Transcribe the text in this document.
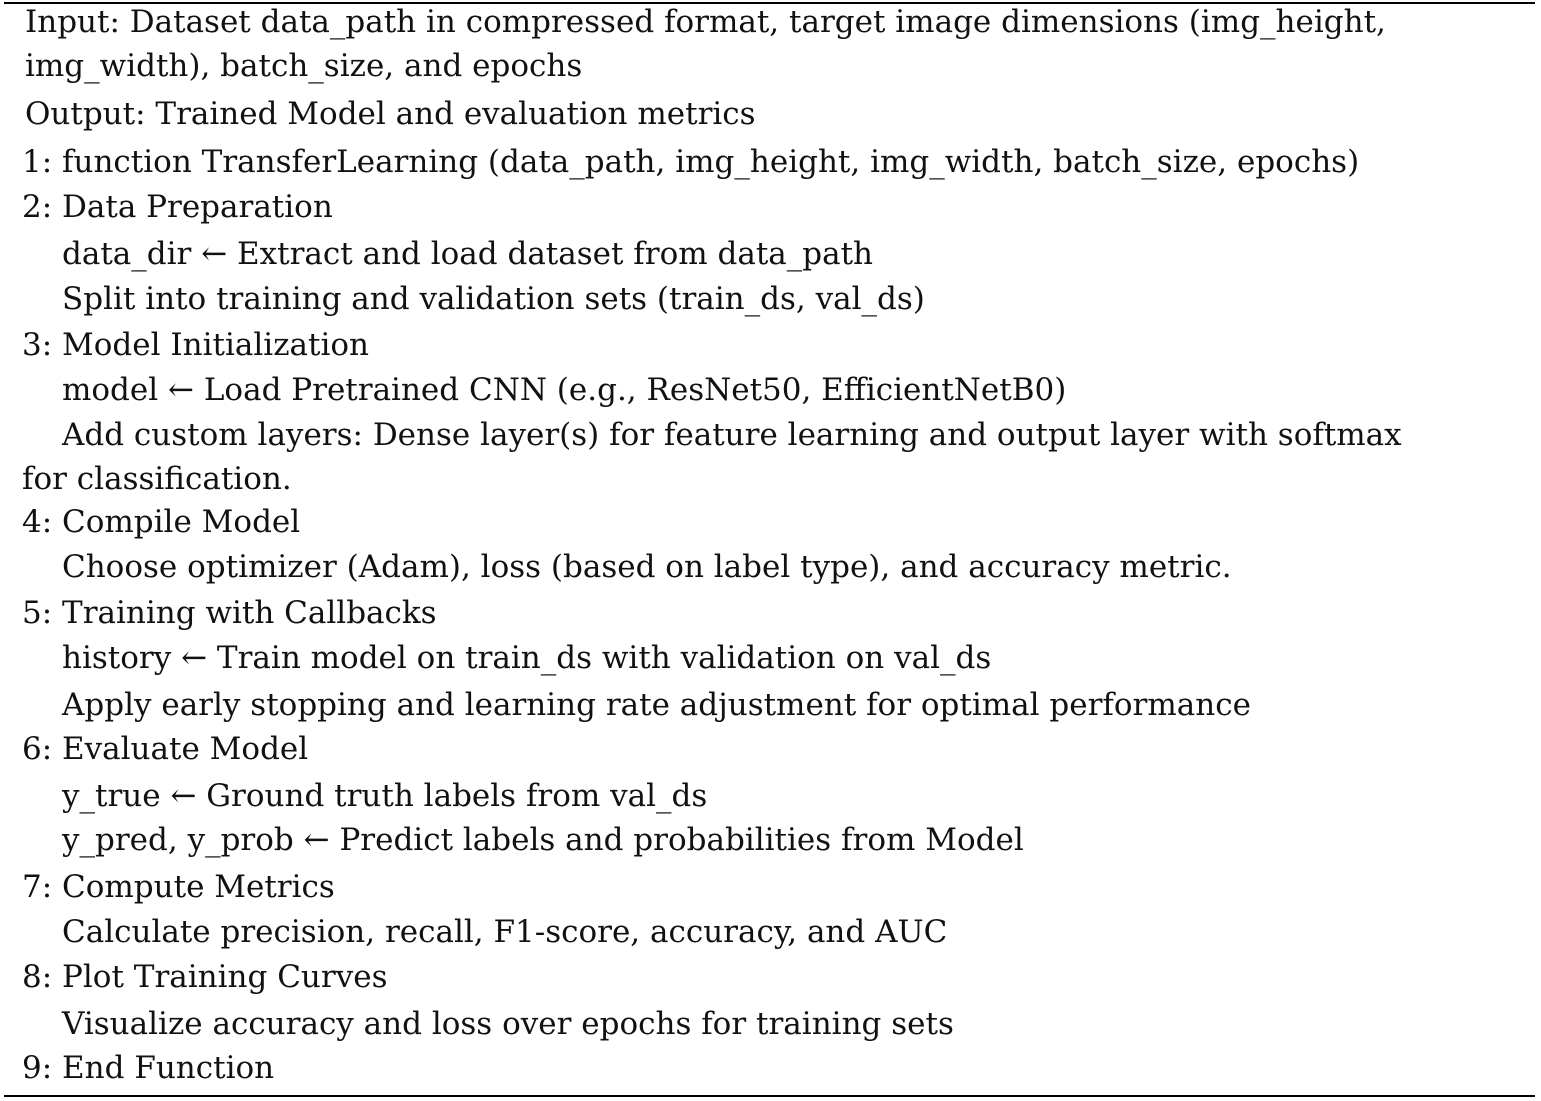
Input: Dataset data_path in compressed format, target image dimensions (img_height,
img_width), batch_size, and epochs
Output: Trained Model and evaluation metrics
1: function TransferLearning (data_path, img_height, img_width, batch_size, epochs)
2: Data Preparation
data_dir ← Extract and load dataset from data_path
Split into training and validation sets (train_ds, val_ds)
3: Model Initialization
model ← Load Pretrained CNN (e.g., ResNet50, EfficientNetB0)
Add custom layers: Dense layer(s) for feature learning and output layer with softmax
for classification.
4: Compile Model
Choose optimizer (Adam), loss (based on label type), and accuracy metric.
5: Training with Callbacks
history ← Train model on train_ds with validation on val_ds
Apply early stopping and learning rate adjustment for optimal performance
6: Evaluate Model
y_true ← Ground truth labels from val_ds
y_pred, y_prob ← Predict labels and probabilities from Model
7: Compute Metrics
Calculate precision, recall, F1-score, accuracy, and AUC
8: Plot Training Curves
Visualize accuracy and loss over epochs for training sets
9: End Function
